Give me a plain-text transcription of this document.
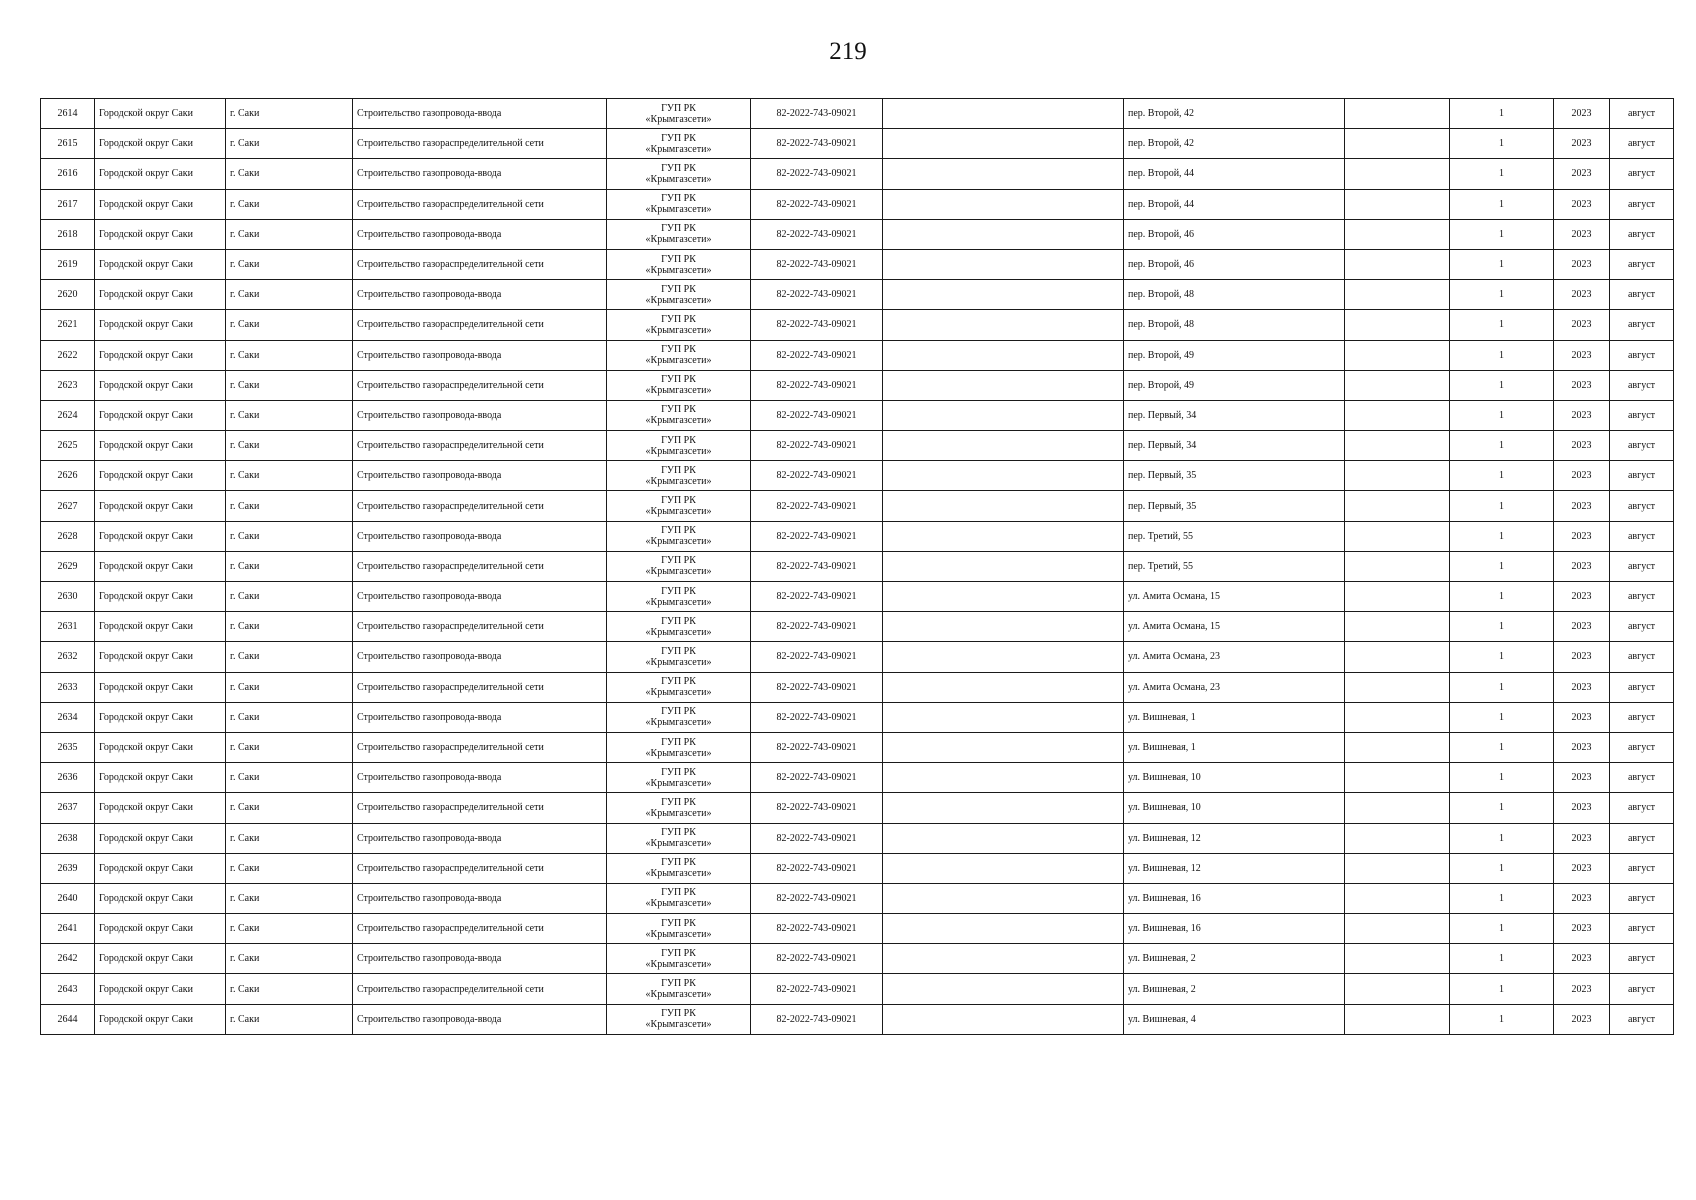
219
2614	Городской округ Саки	г. Саки	Строительство газопровода-ввода	ГУП РК
«Крымгазсети»	82-2022-743-09021		пер. Второй, 42		1	2023	август
2615	Городской округ Саки	г. Саки	Строительство газораспределительной сети	ГУП РК
«Крымгазсети»	82-2022-743-09021		пер. Второй, 42		1	2023	август
2616	Городской округ Саки	г. Саки	Строительство газопровода-ввода	ГУП РК
«Крымгазсети»	82-2022-743-09021		пер. Второй, 44		1	2023	август
2617	Городской округ Саки	г. Саки	Строительство газораспределительной сети	ГУП РК
«Крымгазсети»	82-2022-743-09021		пер. Второй, 44		1	2023	август
2618	Городской округ Саки	г. Саки	Строительство газопровода-ввода	ГУП РК
«Крымгазсети»	82-2022-743-09021		пер. Второй, 46		1	2023	август
2619	Городской округ Саки	г. Саки	Строительство газораспределительной сети	ГУП РК
«Крымгазсети»	82-2022-743-09021		пер. Второй, 46		1	2023	август
2620	Городской округ Саки	г. Саки	Строительство газопровода-ввода	ГУП РК
«Крымгазсети»	82-2022-743-09021		пер. Второй, 48		1	2023	август
2621	Городской округ Саки	г. Саки	Строительство газораспределительной сети	ГУП РК
«Крымгазсети»	82-2022-743-09021		пер. Второй, 48		1	2023	август
2622	Городской округ Саки	г. Саки	Строительство газопровода-ввода	ГУП РК
«Крымгазсети»	82-2022-743-09021		пер. Второй, 49		1	2023	август
2623	Городской округ Саки	г. Саки	Строительство газораспределительной сети	ГУП РК
«Крымгазсети»	82-2022-743-09021		пер. Второй, 49		1	2023	август
2624	Городской округ Саки	г. Саки	Строительство газопровода-ввода	ГУП РК
«Крымгазсети»	82-2022-743-09021		пер. Первый, 34		1	2023	август
2625	Городской округ Саки	г. Саки	Строительство газораспределительной сети	ГУП РК
«Крымгазсети»	82-2022-743-09021		пер. Первый, 34		1	2023	август
2626	Городской округ Саки	г. Саки	Строительство газопровода-ввода	ГУП РК
«Крымгазсети»	82-2022-743-09021		пер. Первый, 35		1	2023	август
2627	Городской округ Саки	г. Саки	Строительство газораспределительной сети	ГУП РК
«Крымгазсети»	82-2022-743-09021		пер. Первый, 35		1	2023	август
2628	Городской округ Саки	г. Саки	Строительство газопровода-ввода	ГУП РК
«Крымгазсети»	82-2022-743-09021		пер. Третий, 55		1	2023	август
2629	Городской округ Саки	г. Саки	Строительство газораспределительной сети	ГУП РК
«Крымгазсети»	82-2022-743-09021		пер. Третий, 55		1	2023	август
2630	Городской округ Саки	г. Саки	Строительство газопровода-ввода	ГУП РК
«Крымгазсети»	82-2022-743-09021		ул. Амита Османа, 15		1	2023	август
2631	Городской округ Саки	г. Саки	Строительство газораспределительной сети	ГУП РК
«Крымгазсети»	82-2022-743-09021		ул. Амита Османа, 15		1	2023	август
2632	Городской округ Саки	г. Саки	Строительство газопровода-ввода	ГУП РК
«Крымгазсети»	82-2022-743-09021		ул. Амита Османа, 23		1	2023	август
2633	Городской округ Саки	г. Саки	Строительство газораспределительной сети	ГУП РК
«Крымгазсети»	82-2022-743-09021		ул. Амита Османа, 23		1	2023	август
2634	Городской округ Саки	г. Саки	Строительство газопровода-ввода	ГУП РК
«Крымгазсети»	82-2022-743-09021		ул. Вишневая, 1		1	2023	август
2635	Городской округ Саки	г. Саки	Строительство газораспределительной сети	ГУП РК
«Крымгазсети»	82-2022-743-09021		ул. Вишневая, 1		1	2023	август
2636	Городской округ Саки	г. Саки	Строительство газопровода-ввода	ГУП РК
«Крымгазсети»	82-2022-743-09021		ул. Вишневая, 10		1	2023	август
2637	Городской округ Саки	г. Саки	Строительство газораспределительной сети	ГУП РК
«Крымгазсети»	82-2022-743-09021		ул. Вишневая, 10		1	2023	август
2638	Городской округ Саки	г. Саки	Строительство газопровода-ввода	ГУП РК
«Крымгазсети»	82-2022-743-09021		ул. Вишневая, 12		1	2023	август
2639	Городской округ Саки	г. Саки	Строительство газораспределительной сети	ГУП РК
«Крымгазсети»	82-2022-743-09021		ул. Вишневая, 12		1	2023	август
2640	Городской округ Саки	г. Саки	Строительство газопровода-ввода	ГУП РК
«Крымгазсети»	82-2022-743-09021		ул. Вишневая, 16		1	2023	август
2641	Городской округ Саки	г. Саки	Строительство газораспределительной сети	ГУП РК
«Крымгазсети»	82-2022-743-09021		ул. Вишневая, 16		1	2023	август
2642	Городской округ Саки	г. Саки	Строительство газопровода-ввода	ГУП РК
«Крымгазсети»	82-2022-743-09021		ул. Вишневая, 2		1	2023	август
2643	Городской округ Саки	г. Саки	Строительство газораспределительной сети	ГУП РК
«Крымгазсети»	82-2022-743-09021		ул. Вишневая, 2		1	2023	август
2644	Городской округ Саки	г. Саки	Строительство газопровода-ввода	ГУП РК
«Крымгазсети»	82-2022-743-09021		ул. Вишневая, 4		1	2023	август
